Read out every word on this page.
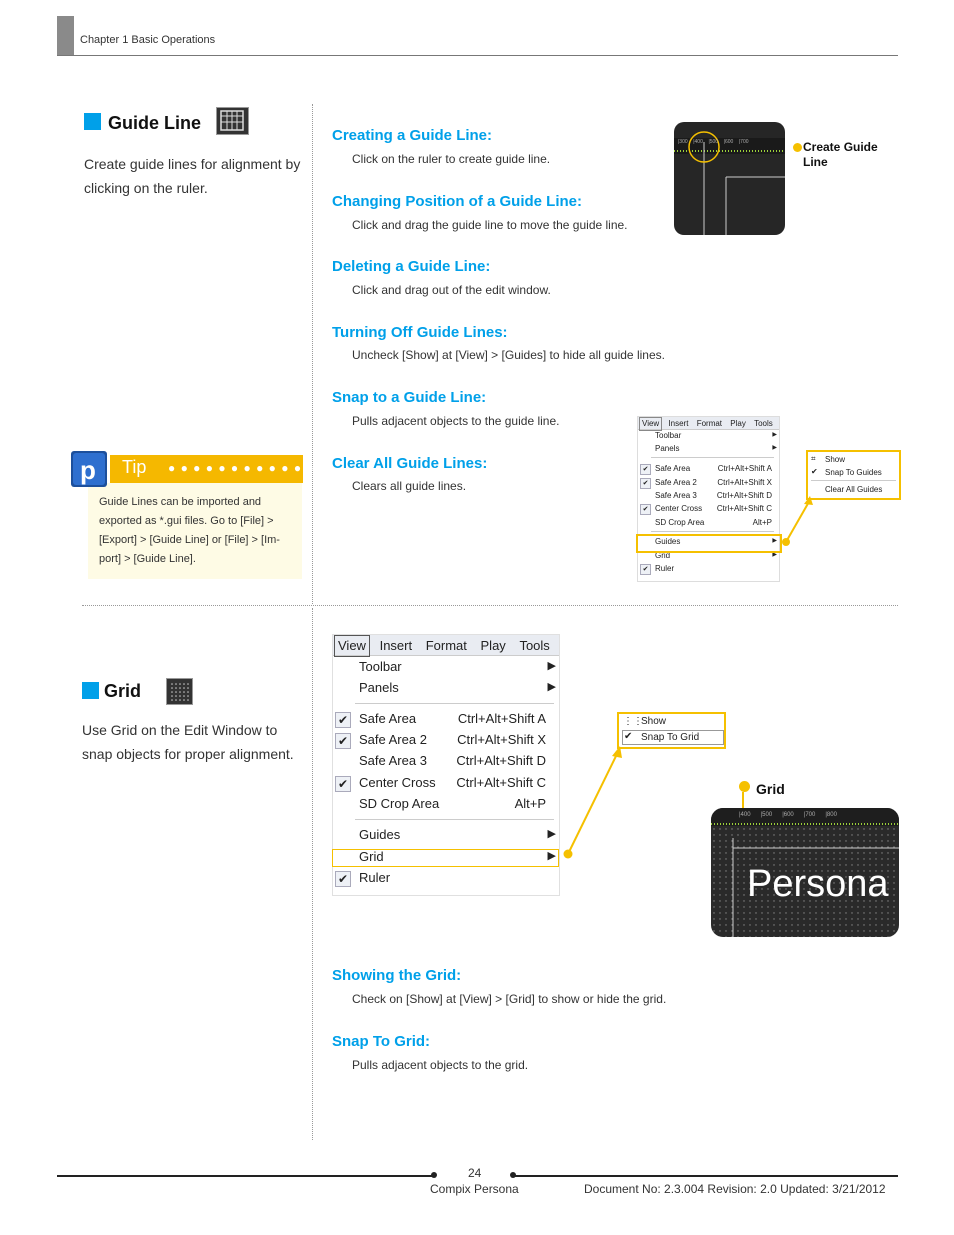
Chapter 1 Basic Operations
Guide Line
Create guide lines for alignment by clicking on the ruler.
p Tip ● ● ● ● ● ● ● ● ● ● ● ● ●
Guide Lines can be imported and exported as *.gui files. Go to [File] > [Export] > [Guide Line] or [File] > [Im-port] > [Guide Line].
Creating a Guide Line:
Click on the ruler to create guide line.
Changing Position of a Guide Line:
Click and drag the guide line to move the guide line.
Deleting a Guide Line:
Click and drag out of the edit window.
Turning Off Guide Lines:
Uncheck [Show] at [View] > [Guides] to hide all guide lines.
Snap to a Guide Line:
Pulls adjacent objects to the guide line.
Clear All Guide Lines:
Clears all guide lines.
|300 |400 |500 |600 |700	Create Guide Line
View Insert Format Play Tools
Toolbar	▶
Panels	▶
✔ Safe Area	Ctrl+Alt+Shift A
✔ Safe Area 2	Ctrl+Alt+Shift X
Safe Area 3	Ctrl+Alt+Shift D
✔ Center Cross Ctrl+Alt+Shift C
SD Crop Area	Alt+P
Guides	▶
Grid	▶
✔ Ruler
⌗ Show
✔ Snap To Guides
Clear All Guides
Grid
Use Grid on the Edit Window to snap objects for proper alignment.
View Insert Format Play Tools
Toolbar	▶
Panels	▶
✔ Safe Area	Ctrl+Alt+Shift A
✔ Safe Area 2 Ctrl+Alt+Shift X
Safe Area 3 Ctrl+Alt+Shift D
✔ Center Cross Ctrl+Alt+Shift C
SD Crop Area	Alt+P
Guides	▶
Grid	▶
✔ Ruler
⋮⋮
Show
✔ Snap To Grid
Grid
|400 |500 |600 |700 |800
Persona
Showing the Grid:
Check on [Show] at [View] > [Grid] to show or hide the grid.
Snap To Grid:
Pulls adjacent objects to the grid.
24
Compix Persona	Document No: 2.3.004 Revision: 2.0 Updated: 3/21/2012
